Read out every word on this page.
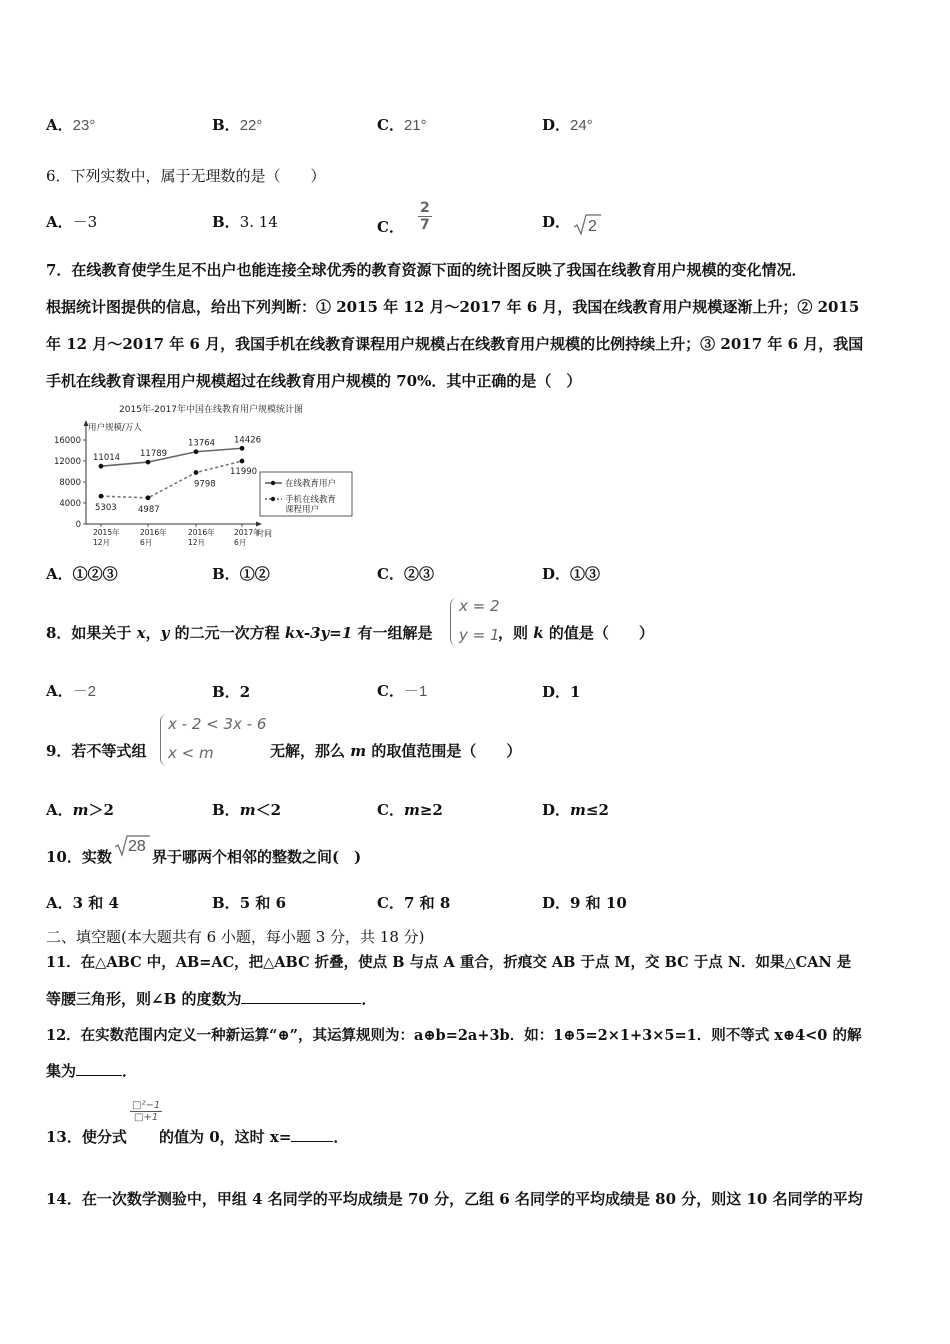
A．23°	B．22°	C．21°	D．24°
6．下列实数中，属于无理数的是（　　）
A．－3	B．3. 14	C． $\frac{2}{7}$	D． 2
7．在线教育使学生足不出户也能连接全球优秀的教育资源下面的统计图反映了我国在线教育用户规模的变化情况．
根据统计图提供的信息，给出下列判断：① 2015 年 12 月～2017 年 6 月，我国在线教育用户规模逐渐上升；② 2015
年 12 月～2017 年 6 月，我国手机在线教育课程用户规模占在线教育用户规模的比例持续上升；③ 2017 年 6 月，我国
手机在线教育课程用户规模超过在线教育用户规模的 70%．其中正确的是（　）
2015年-2017年中国在线教育用户规模统计图
用户规模/万人
时间
0
4000
8000
12000
16000
2015年
12月
2016年
6月
2016年
12月
2017年
6月
11014 11789
13764 14426
5303	4987
9798
11990
在线教育用户
手机在线教育
课程用户
A．①②③	B．①②	C．②③	D．①③
8．如果关于 x，y 的二元一次方程 kx-3y=1 有一组解是
x = 2
y = 1
，则 k 的值是（　　）
A．－2	B．2	C．－1	D．1
9．若不等式组
x - 2 < 3x - 6
x < m	无解，那么 m 的取值范围是（　　）
A．m＞2	B．m＜2	C．m≥2	D．m≤2
10．实数
28
界于哪两个相邻的整数之间(　)
A．3 和 4	B．5 和 6	C．7 和 8	D．9 和 10
二、填空题(本大题共有 6 小题，每小题 3 分，共 18 分)
11．在△ABC 中，AB=AC，把△ABC 折叠，使点 B 与点 A 重合，折痕交 AB 于点 M，交 BC 于点 N．如果△CAN 是
等腰三角形，则∠B 的度数为	．
12．在实数范围内定义一种新运算“⊕”，其运算规则为：a⊕b=2a+3b．如：1⊕5=2×1+3×5=1．则不等式 x⊕4<0 的解
集为	．
13．使分式
$\frac{\text{□²−1}}{□+1}$
的值为 0，这时 x=	．
14．在一次数学测验中，甲组 4 名同学的平均成绩是 70 分，乙组 6 名同学的平均成绩是 80 分，则这 10 名同学的平均
